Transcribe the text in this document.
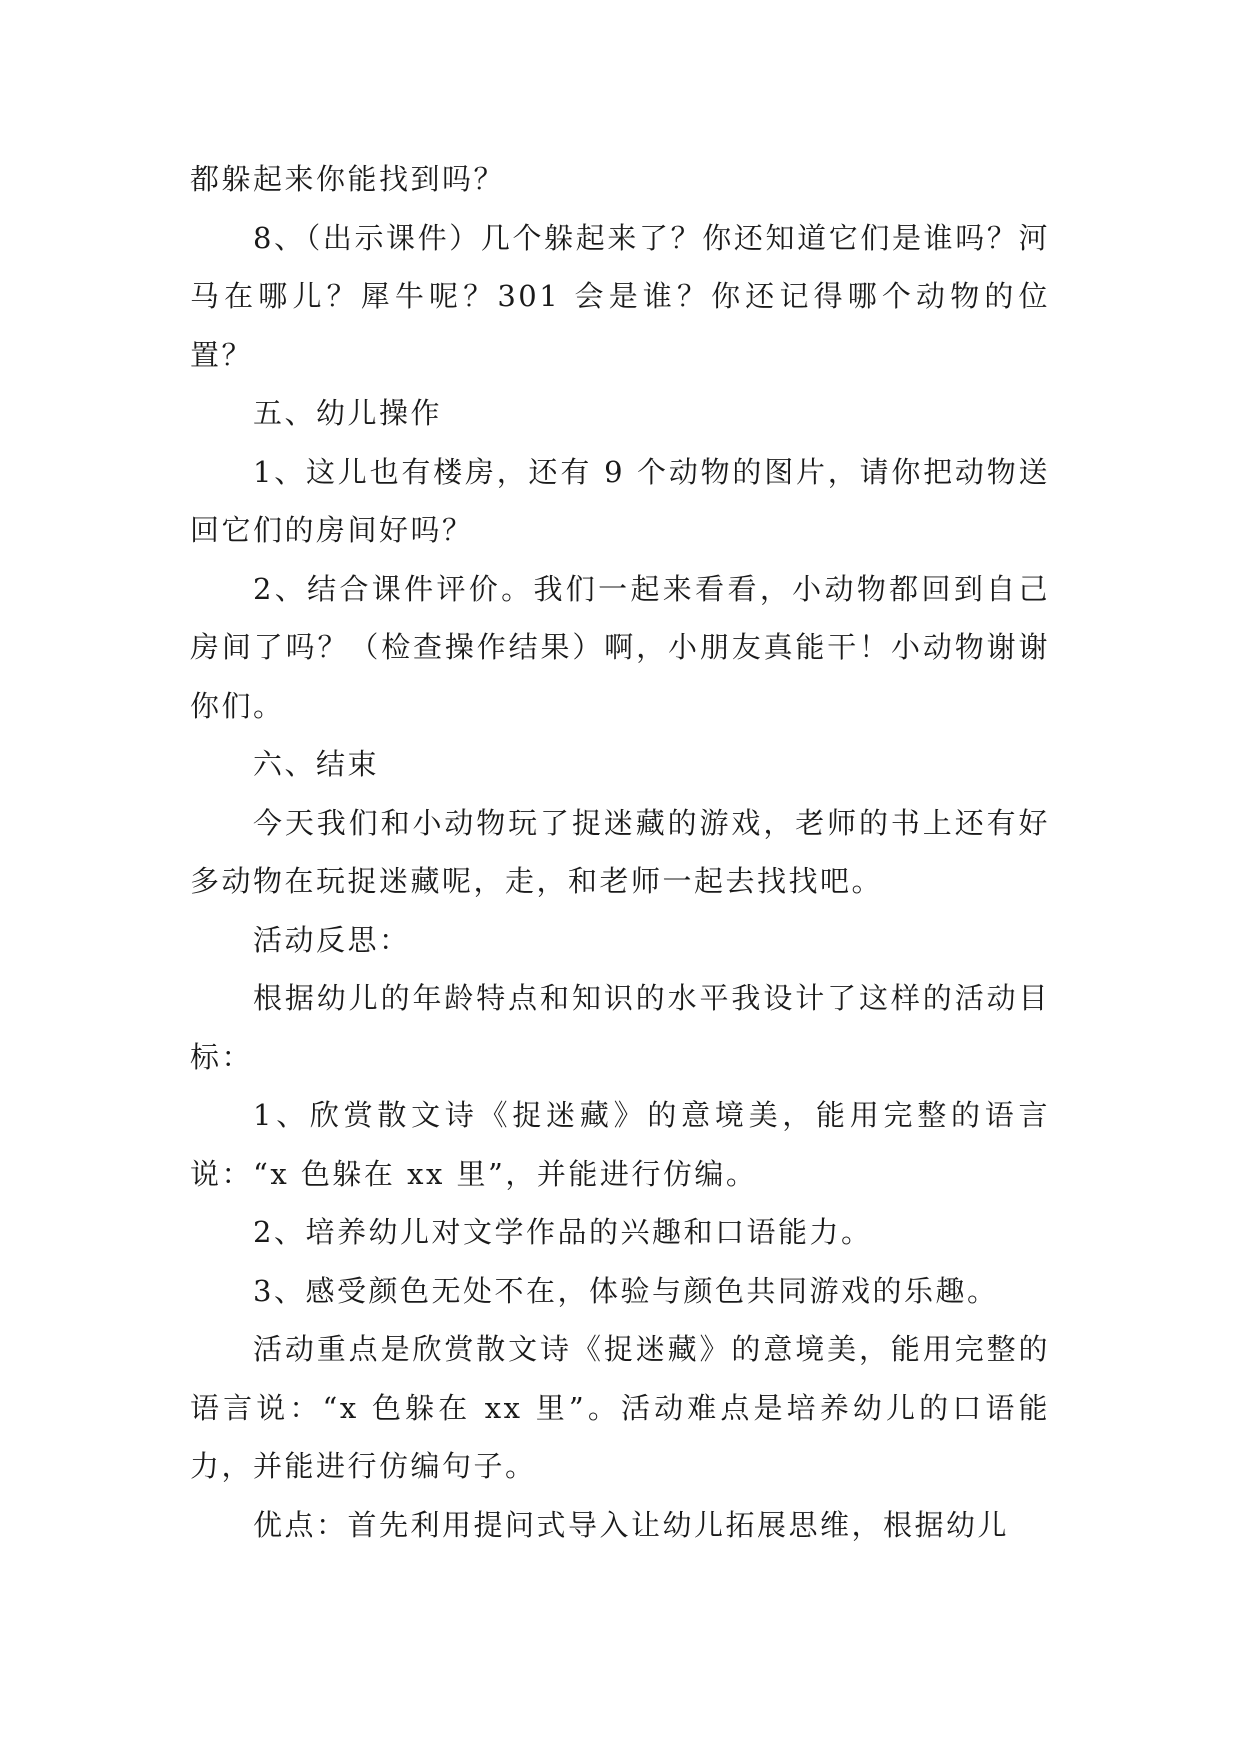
都躲起来你能找到吗？

8、（出示课件）几个躲起来了？你还知道它们是谁吗？河马在哪儿？犀牛呢？301 会是谁？你还记得哪个动物的位置？

五、幼儿操作

1、这儿也有楼房，还有 9 个动物的图片，请你把动物送回它们的房间好吗？

2、结合课件评价。我们一起来看看，小动物都回到自己房间了吗？（检查操作结果）啊，小朋友真能干！小动物谢谢你们。

六、结束

今天我们和小动物玩了捉迷藏的游戏，老师的书上还有好多动物在玩捉迷藏呢，走，和老师一起去找找吧。

活动反思：

根据幼儿的年龄特点和知识的水平我设计了这样的活动目标：

1、欣赏散文诗《捉迷藏》的意境美，能用完整的语言说：“x 色躲在 xx 里”，并能进行仿编。

2、培养幼儿对文学作品的兴趣和口语能力。

3、感受颜色无处不在，体验与颜色共同游戏的乐趣。

活动重点是欣赏散文诗《捉迷藏》的意境美，能用完整的语言说：“x 色躲在 xx 里”。活动难点是培养幼儿的口语能力，并能进行仿编句子。

优点：首先利用提问式导入让幼儿拓展思维，根据幼儿
